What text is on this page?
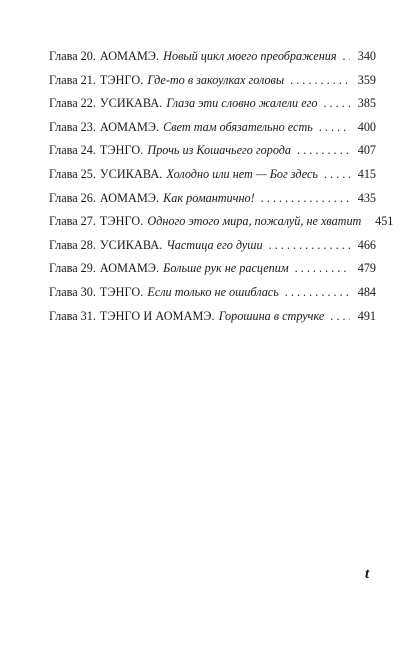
Глава 20. АОМАМЭ. Новый цикл моего преображения . . .	340
Глава 21. ТЭНГО. Где-то в закоулках головы . . .	359
Глава 22. УСИКАВА. Глаза эти словно жалели его . . .	385
Глава 23. АОМАМЭ. Свет там обязательно есть . . .	400
Глава 24. ТЭНГО. Прочь из Кошачьего города . . .	407
Глава 25. УСИКАВА. Холодно или нет — Бог здесь . . .	415
Глава 26. АОМАМЭ. Как романтично! . . .	435
Глава 27. ТЭНГО. Одного этого мира, пожалуй, не хватит	451
Глава 28. УСИКАВА. Частица его души . . .	466
Глава 29. АОМАМЭ. Больше рук не расцепим . . .	479
Глава 30. ТЭНГО. Если только не ошиблась . . .	484
Глава 31. ТЭНГО И АОМАМЭ. Горошина в стручке . . .	491
t
